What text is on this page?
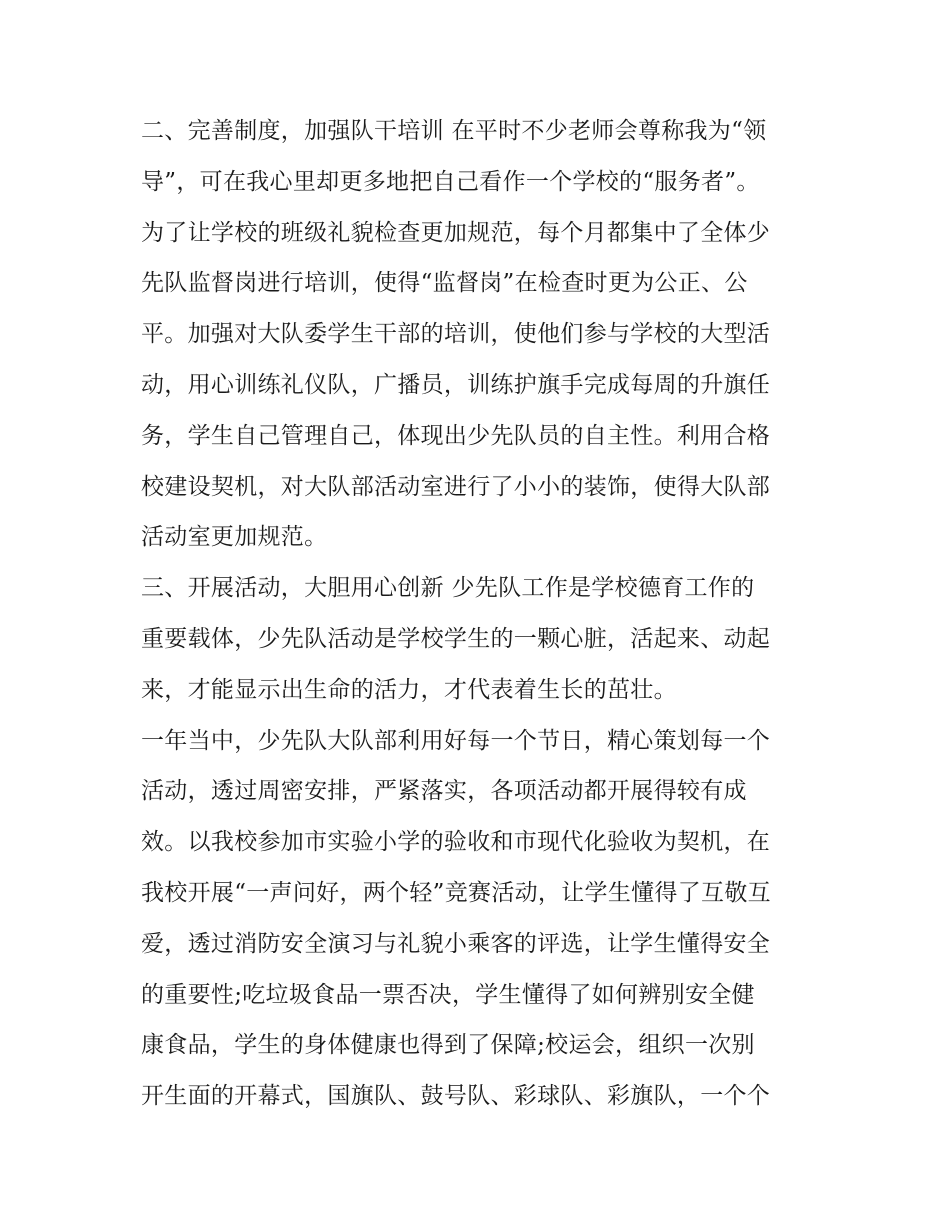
二、完善制度，加强队干培训 在平时不少老师会尊称我为“领
导”，可在我心里却更多地把自己看作一个学校的“服务者”。
为了让学校的班级礼貌检查更加规范，每个月都集中了全体少
先队监督岗进行培训，使得“监督岗”在检查时更为公正、公
平。加强对大队委学生干部的培训，使他们参与学校的大型活
动，用心训练礼仪队，广播员，训练护旗手完成每周的升旗任
务，学生自己管理自己，体现出少先队员的自主性。利用合格
校建设契机，对大队部活动室进行了小小的装饰，使得大队部
活动室更加规范。
三、开展活动，大胆用心创新 少先队工作是学校德育工作的
重要载体，少先队活动是学校学生的一颗心脏，活起来、动起
来，才能显示出生命的活力，才代表着生长的茁壮。
一年当中，少先队大队部利用好每一个节日，精心策划每一个
活动，透过周密安排，严紧落实，各项活动都开展得较有成
效。以我校参加市实验小学的验收和市现代化验收为契机，在
我校开展“一声问好，两个轻”竞赛活动，让学生懂得了互敬互
爱，透过消防安全演习与礼貌小乘客的评选，让学生懂得安全
的重要性;吃垃圾食品一票否决，学生懂得了如何辨别安全健
康食品，学生的身体健康也得到了保障;校运会，组织一次别
开生面的开幕式，国旗队、鼓号队、彩球队、彩旗队，一个个
